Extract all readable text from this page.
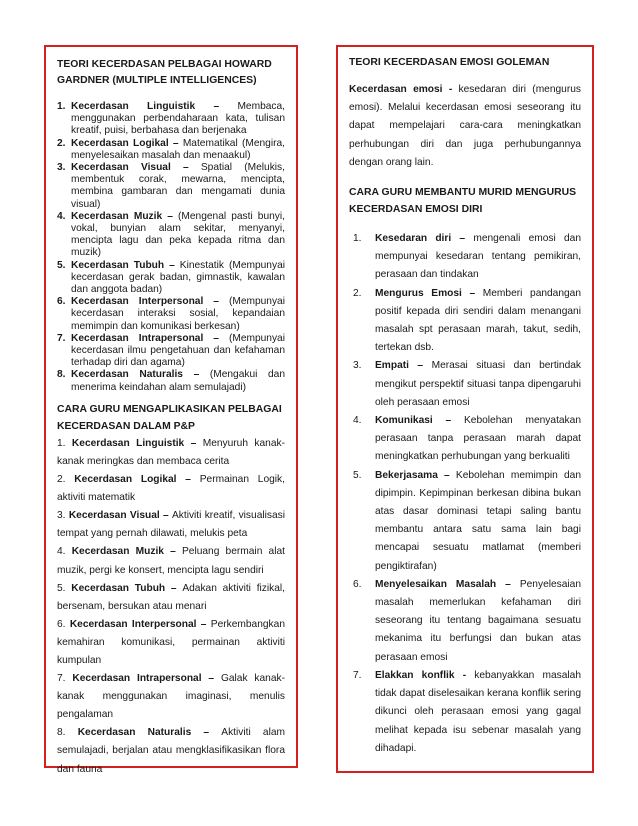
TEORI KECERDASAN PELBAGAI HOWARD GARDNER (MULTIPLE INTELLIGENCES)

1. Kecerdasan Linguistik – Membaca, menggunakan perbendaharaan kata, tulisan kreatif, puisi, berbahasa dan berjenaka
2. Kecerdasan Logikal – Matematikal (Mengira, menyelesaikan masalah dan menaakul)
3. Kecerdasan Visual – Spatial (Melukis, membentuk corak, mewarna, mencipta, membina gambaran dan mengamati dunia visual)
4. Kecerdasan Muzik – (Mengenal pasti bunyi, vokal, bunyian alam sekitar, menyanyi, mencipta lagu dan peka kepada ritma dan muzik)
5. Kecerdasan Tubuh – Kinestatik (Mempunyai kecerdasan gerak badan, gimnastik, kawalan dan anggota badan)
6. Kecerdasan Interpersonal – (Mempunyai kecerdasan interaksi sosial, kepandaian memimpin dan komunikasi berkesan)
7. Kecerdasan Intrapersonal – (Mempunyai kecerdasan ilmu pengetahuan dan kefahaman terhadap diri dan agama)
8. Kecerdasan Naturalis – (Mengakui dan menerima keindahan alam semulajadi)

CARA GURU MENGAPLIKASIKAN PELBAGAI KECERDASAN DALAM P&P

1. Kecerdasan Linguistik – Menyuruh kanak-kanak meringkas dan membaca cerita

2. Kecerdasan Logikal – Permainan Logik, aktiviti matematik

3. Kecerdasan Visual – Aktiviti kreatif, visualisasi tempat yang pernah dilawati, melukis peta

4. Kecerdasan Muzik – Peluang bermain alat muzik, pergi ke konsert, mencipta lagu sendiri

5. Kecerdasan Tubuh – Adakan aktiviti fizikal, bersenam, bersukan atau menari

6. Kecerdasan Interpersonal – Perkembangkan kemahiran komunikasi, permainan aktiviti kumpulan

7. Kecerdasan Intrapersonal – Galak kanak-kanak menggunakan imaginasi, menulis pengalaman

8. Kecerdasan Naturalis – Aktiviti alam semulajadi, berjalan atau mengklasifikasikan flora dan fauna

TEORI KECERDASAN EMOSI GOLEMAN

Kecerdasan emosi - kesedaran diri (mengurus emosi). Melalui kecerdasan emosi seseorang itu dapat mempelajari cara-cara meningkatkan perhubungan diri dan juga perhubungannya dengan orang lain.

CARA GURU MEMBANTU MURID MENGURUS KECERDASAN EMOSI DIRI

1. Kesedaran diri – mengenali emosi dan mempunyai kesedaran tentang pemikiran, perasaan dan tindakan
2. Mengurus Emosi – Memberi pandangan positif kepada diri sendiri dalam menangani masalah spt perasaan marah, takut, sedih, tertekan dsb.
3. Empati – Merasai situasi dan bertindak mengikut perspektif situasi tanpa dipengaruhi oleh perasaan emosi
4. Komunikasi – Kebolehan menyatakan perasaan tanpa perasaan marah dapat meningkatkan perhubungan yang berkualiti
5. Bekerjasama – Kebolehan memimpin dan dipimpin. Kepimpinan berkesan dibina bukan atas dasar dominasi tetapi saling bantu membantu antara satu sama lain bagi mencapai sesuatu matlamat (memberi pengiktirafan)
6. Menyelesaikan Masalah – Penyelesaian masalah memerlukan kefahaman diri seseorang itu tentang bagaimana sesuatu mekanima itu berfungsi dan bukan atas perasaan emosi
7. Elakkan konflik - kebanyakkan masalah tidak dapat diselesaikan kerana konflik sering dikunci oleh perasaan emosi yang gagal melihat kepada isu sebenar masalah yang dihadapi.
